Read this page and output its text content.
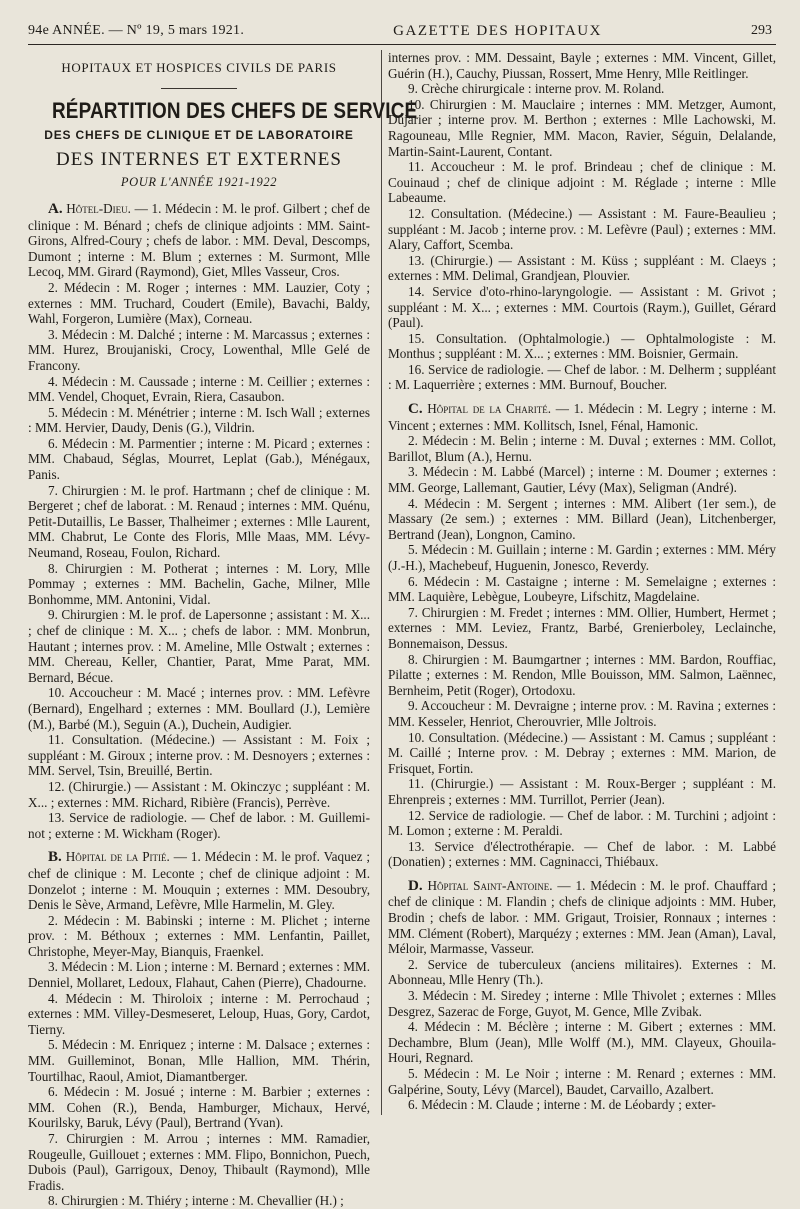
94e ANNÉE. — Nº 19, 5 mars 1921.	GAZETTE DES HOPITAUX	293
HOPITAUX ET HOSPICES CIVILS DE PARIS
RÉPARTITION DES CHEFS DE SERVICE
DES CHEFS DE CLINIQUE ET DE LABORATOIRE
DES INTERNES ET EXTERNES
POUR L'ANNÉE 1921-1922

A. Hôtel-Dieu. — 1. Médecin : M. le prof. Gilbert ; chef de clinique : M. Bénard ; chefs de clinique adjoints : MM. Saint-Girons, Alfred-Coury ; chefs de labor. : MM. Deval, Descomps, Dumont ; interne : M. Blum ; externes : M. Surmont, Mlle Lecoq, MM. Girard (Raymond), Giet, Mlles Vasseur, Cros.

2. Médecin : M. Roger ; internes : MM. Lauzier, Coty ; externes : MM. Truchard, Coudert (Emile), Bavachi, Baldy, Wahl, Forgeron, Lumière (Max), Corneau.

3. Médecin : M. Dalché ; interne : M. Marcassus ; externes : MM. Hurez, Broujaniski, Crocy, Lowenthal, Mlle Gelé de Francony.

4. Médecin : M. Caussade ; interne : M. Ceillier ; externes : MM. Vendel, Choquet, Evrain, Riera, Casaubon.

5. Médecin : M. Ménétrier ; interne : M. Isch Wall ; externes : MM. Hervier, Daudy, Denis (G.), Vildrin.

6. Médecin : M. Parmentier ; interne : M. Picard ; externes : MM. Chabaud, Séglas, Mourret, Leplat (Gab.), Ménégaux, Panis.

7. Chirurgien : M. le prof. Hartmann ; chef de clinique : M. Bergeret ; chef de laborat. : M. Renaud ; internes : MM. Quénu, Petit-Dutaillis, Le Basser, Thalheimer ; externes : Mlle Laurent, MM. Chabrut, Le Conte des Floris, Mlle Maas, MM. Lévy-Neumand, Roseau, Foulon, Richard.

8. Chirurgien : M. Potherat ; internes : M. Lory, Mlle Pommay ; externes : MM. Bachelin, Gache, Milner, Mlle Bonhomme, MM. Antonini, Vidal.

9. Chirurgien : M. le prof. de Lapersonne ; assistant : M. X... ; chef de clinique : M. X... ; chefs de labor. : MM. Monbrun, Hautant ; internes prov. : M. Ameline, Mlle Ostwalt ; externes : MM. Chereau, Keller, Chantier, Parat, Mme Parat, MM. Bernard, Bécue.

10. Accoucheur : M. Macé ; internes prov. : MM. Lefèvre (Bernard), Engelhard ; externes : MM. Boullard (J.), Lemière (M.), Barbé (M.), Seguin (A.), Duchein, Audigier.

11. Consultation. (Médecine.) — Assistant : M. Foix ; suppléant : M. Giroux ; interne prov. : M. Desnoyers ; externes : MM. Servel, Tsin, Breuillé, Bertin.

12. (Chirurgie.) — Assistant : M. Okinczyc ; suppléant : M. X... ; externes : MM. Richard, Ribière (Francis), Perrève.

13. Service de radiologie. — Chef de labor. : M. Guillemi-not ; externe : M. Wickham (Roger).

B. Hôpital de la Pitié. — 1. Médecin : M. le prof. Vaquez ; chef de clinique : M. Leconte ; chef de clinique adjoint : M. Donzelot ; interne : M. Mouquin ; externes : MM. Desoubry, Denis le Sève, Armand, Lefèvre, Mlle Harmelin, M. Gley.

2. Médecin : M. Babinski ; interne : M. Plichet ; interne prov. : M. Béthoux ; externes : MM. Lenfantin, Paillet, Christophe, Meyer-May, Bianquis, Fraenkel.

3. Médecin : M. Lion ; interne : M. Bernard ; externes : MM. Denniel, Mollaret, Ledoux, Flahaut, Cahen (Pierre), Chadourne.

4. Médecin : M. Thiroloix ; interne : M. Perrochaud ; externes : MM. Villey-Desmeseret, Leloup, Huas, Gory, Cardot, Tierny.

5. Médecin : M. Enriquez ; interne : M. Dalsace ; externes : MM. Guilleminot, Bonan, Mlle Hallion, MM. Thérin, Tourtilhac, Raoul, Amiot, Diamantberger.

6. Médecin : M. Josué ; interne : M. Barbier ; externes : MM. Cohen (R.), Benda, Hamburger, Michaux, Hervé, Kourilsky, Baruk, Lévy (Paul), Bertrand (Yvan).

7. Chirurgien : M. Arrou ; internes : MM. Ramadier, Rougeulle, Guillouet ; externes : MM. Flipo, Bonnichon, Puech, Dubois (Paul), Garrigoux, Denoy, Thibault (Raymond), Mlle Fradis.

8. Chirurgien : M. Thiéry ; interne : M. Chevallier (H.) ;

internes prov. : MM. Dessaint, Bayle ; externes : MM. Vincent, Gillet, Guérin (H.), Cauchy, Piussan, Rossert, Mme Henry, Mlle Reitlinger.

9. Crèche chirurgicale : interne prov. M. Roland.

10. Chirurgien : M. Mauclaire ; internes : MM. Metzger, Aumont, Dujarier ; interne prov. M. Berthon ; externes : Mlle Lachowski, M. Ragouneau, Mlle Regnier, MM. Macon, Ravier, Séguin, Delalande, Martin-Saint-Laurent, Contant.

11. Accoucheur : M. le prof. Brindeau ; chef de clinique : M. Couinaud ; chef de clinique adjoint : M. Réglade ; interne : Mlle Labeaume.

12. Consultation. (Médecine.) — Assistant : M. Faure-Beaulieu ; suppléant : M. Jacob ; interne prov. : M. Lefèvre (Paul) ; externes : MM. Alary, Caffort, Scemba.

13. (Chirurgie.) — Assistant : M. Küss ; suppléant : M. Claeys ; externes : MM. Delimal, Grandjean, Plouvier.

14. Service d'oto-rhino-laryngologie. — Assistant : M. Grivot ; suppléant : M. X... ; externes : MM. Courtois (Raym.), Guillet, Gérard (Paul).

15. Consultation. (Ophtalmologie.) — Ophtalmologiste : M. Monthus ; suppléant : M. X... ; externes : MM. Boisnier, Germain.

16. Service de radiologie. — Chef de labor. : M. Delherm ; suppléant : M. Laquerrière ; externes : MM. Burnouf, Boucher.

C. Hôpital de la Charité. — 1. Médecin : M. Legry ; interne : M. Vincent ; externes : MM. Kollitsch, Isnel, Fénal, Hamonic.

2. Médecin : M. Belin ; interne : M. Duval ; externes : MM. Collot, Barillot, Blum (A.), Hernu.

3. Médecin : M. Labbé (Marcel) ; interne : M. Doumer ; externes : MM. George, Lallemant, Gautier, Lévy (Max), Seligman (André).

4. Médecin : M. Sergent ; internes : MM. Alibert (1er sem.), de Massary (2e sem.) ; externes : MM. Billard (Jean), Litchenberger, Bertrand (Jean), Longnon, Camino.

5. Médecin : M. Guillain ; interne : M. Gardin ; externes : MM. Méry (J.-H.), Machebeuf, Huguenin, Jonesco, Reverdy.

6. Médecin : M. Castaigne ; interne : M. Semelaigne ; externes : MM. Laquière, Lebègue, Loubeyre, Lifschitz, Magdelaine.

7. Chirurgien : M. Fredet ; internes : MM. Ollier, Humbert, Hermet ; externes : MM. Leviez, Frantz, Barbé, Grenierboley, Leclainche, Bonnemaison, Dessus.

8. Chirurgien : M. Baumgartner ; internes : MM. Bardon, Rouffiac, Pilatte ; externes : M. Rendon, Mlle Bouisson, MM. Salmon, Laënnec, Bernheim, Petit (Roger), Ortodoxu.

9. Accoucheur : M. Devraigne ; interne prov. : M. Ravina ; externes : MM. Kesseler, Henriot, Cherouvrier, Mlle Joltrois.

10. Consultation. (Médecine.) — Assistant : M. Camus ; suppléant : M. Caillé ; Interne prov. : M. Debray ; externes : MM. Marion, de Frisquet, Fortin.

11. (Chirurgie.) — Assistant : M. Roux-Berger ; suppléant : M. Ehrenpreis ; externes : MM. Turrillot, Perrier (Jean).

12. Service de radiologie. — Chef de labor. : M. Turchini ; adjoint : M. Lomon ; externe : M. Peraldi.

13. Service d'électrothérapie. — Chef de labor. : M. Labbé (Donatien) ; externes : MM. Cagninacci, Thiébaux.

D. Hôpital Saint-Antoine. — 1. Médecin : M. le prof. Chauffard ; chef de clinique : M. Flandin ; chefs de clinique adjoints : MM. Huber, Brodin ; chefs de labor. : MM. Grigaut, Troisier, Ronnaux ; internes : MM. Clément (Robert), Marquézy ; externes : MM. Jean (Aman), Laval, Méloir, Marmasse, Vasseur.

2. Service de tuberculeux (anciens militaires). Externes : M. Abonneau, Mlle Henry (Th.).

3. Médecin : M. Siredey ; interne : Mlle Thivolet ; externes : Mlles Desgrez, Sazerac de Forge, Guyot, M. Gence, Mlle Zvibak.

4. Médecin : M. Béclère ; interne : M. Gibert ; externes : MM. Dechambre, Blum (Jean), Mlle Wolff (M.), MM. Clayeux, Ghouila-Houri, Regnard.

5. Médecin : M. Le Noir ; interne : M. Renard ; externes : MM. Galpérine, Souty, Lévy (Marcel), Baudet, Carvaillo, Azalbert.

6. Médecin : M. Claude ; interne : M. de Léobardy ; exter-
